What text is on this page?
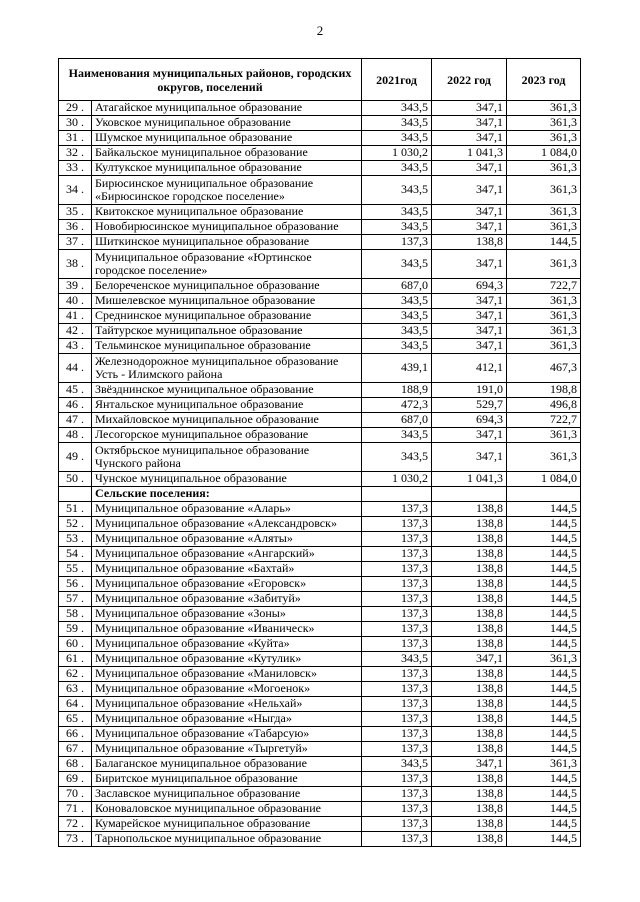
2
Наименования муниципальных районов, городских округов, поселений		2021год	2022 год	2023 год
29 .	Атагайское муниципальное образование	343,5	347,1	361,3
30 .	Уковское муниципальное образование	343,5	347,1	361,3
31 .	Шумское муниципальное образование	343,5	347,1	361,3
32 .	Байкальское муниципальное образование	1 030,2	1 041,3	1 084,0
33 .	Култукское муниципальное образование	343,5	347,1	361,3
34 .	Бирюсинское муниципальное образование «Бирюсинское городское поселение»	343,5	347,1	361,3
35 .	Квитокское муниципальное образование	343,5	347,1	361,3
36 .	Новобирюсинское муниципальное образование	343,5	347,1	361,3
37 .	Шиткинское муниципальное образование	137,3	138,8	144,5
38 .	Муниципальное образование «Юртинское городское поселение»	343,5	347,1	361,3
39 .	Белореченское муниципальное образование	687,0	694,3	722,7
40 .	Мишелевское муниципальное образование	343,5	347,1	361,3
41 .	Среднинское муниципальное образование	343,5	347,1	361,3
42 .	Тайтурское муниципальное образование	343,5	347,1	361,3
43 .	Тельминское муниципальное образование	343,5	347,1	361,3
44 .	Железнодорожное муниципальное образование Усть - Илимского района	439,1	412,1	467,3
45 .	Звёзднинское муниципальное образование	188,9	191,0	198,8
46 .	Янтальское муниципальное образование	472,3	529,7	496,8
47 .	Михайловское муниципальное образование	687,0	694,3	722,7
48 .	Лесогорское муниципальное образование	343,5	347,1	361,3
49 .	Октябрьское муниципальное образование Чунского района	343,5	347,1	361,3
50 .	Чунское муниципальное образование	1 030,2	1 041,3	1 084,0
	Сельские поселения:			
51 .	Муниципальное образование «Аларь»	137,3	138,8	144,5
52 .	Муниципальное образование «Александровск»	137,3	138,8	144,5
53 .	Муниципальное образование «Аляты»	137,3	138,8	144,5
54 .	Муниципальное образование «Ангарский»	137,3	138,8	144,5
55 .	Муниципальное образование «Бахтай»	137,3	138,8	144,5
56 .	Муниципальное образование «Егоровск»	137,3	138,8	144,5
57 .	Муниципальное образование «Забитуй»	137,3	138,8	144,5
58 .	Муниципальное образование «Зоны»	137,3	138,8	144,5
59 .	Муниципальное образование «Иваническ»	137,3	138,8	144,5
60 .	Муниципальное образование «Куйта»	137,3	138,8	144,5
61 .	Муниципальное образование «Кутулик»	343,5	347,1	361,3
62 .	Муниципальное образование «Маниловск»	137,3	138,8	144,5
63 .	Муниципальное образование «Могоенок»	137,3	138,8	144,5
64 .	Муниципальное образование «Нельхай»	137,3	138,8	144,5
65 .	Муниципальное образование «Ныгда»	137,3	138,8	144,5
66 .	Муниципальное образование «Табарсую»	137,3	138,8	144,5
67 .	Муниципальное образование «Тыргетуй»	137,3	138,8	144,5
68 .	Балаганское муниципальное образование	343,5	347,1	361,3
69 .	Биритское муниципальное образование	137,3	138,8	144,5
70 .	Заславское муниципальное образование	137,3	138,8	144,5
71 .	Коноваловское муниципальное образование	137,3	138,8	144,5
72 .	Кумарейское муниципальное образование	137,3	138,8	144,5
73 .	Тарнопольское муниципальное образование	137,3	138,8	144,5
